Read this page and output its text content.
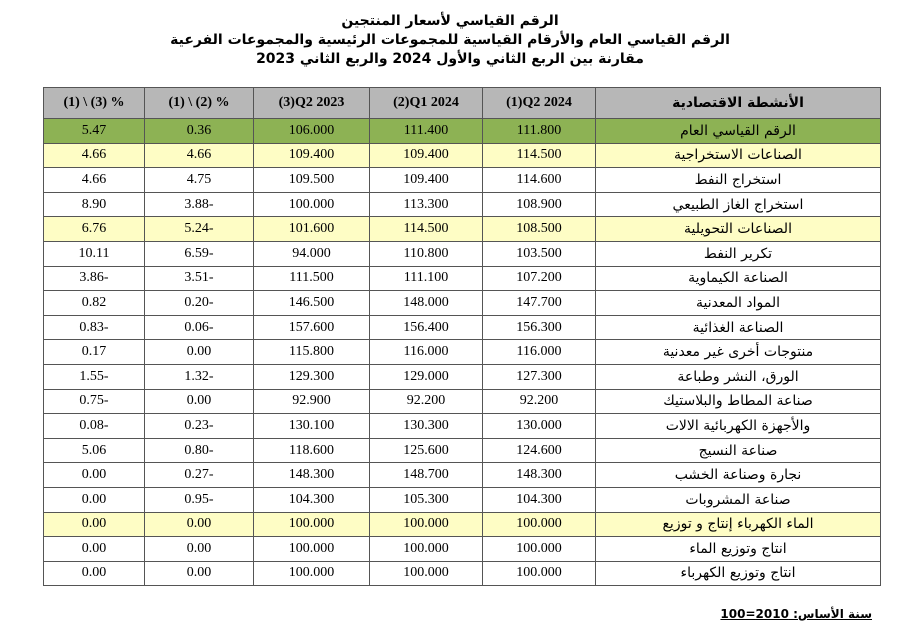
الرقم القياسي لأسعار المنتجين
الرقم القياسي العام والأرقام القياسية للمجموعات الرئيسية والمجموعات الفرعية
مقارنة بين الربع الثاني والأول 2024 والربع الثاني 2023
(1) \ (3) %	(1) \ (2) %	(3)Q2 2023	(2)Q1 2024	(1)Q2 2024	الأنشطة الاقتصادية
5.47	0.36	106.000	111.400	111.800	الرقم القياسي العام
4.66	4.66	109.400	109.400	114.500	الصناعات الاستخراجية
4.66	4.75	109.500	109.400	114.600	استخراج النفط
8.90	3.88-	100.000	113.300	108.900	استخراج الغاز الطبيعي
6.76	5.24-	101.600	114.500	108.500	الصناعات التحويلية
10.11	6.59-	94.000	110.800	103.500	تكرير النفط
3.86-	3.51-	111.500	111.100	107.200	الصناعة الكيماوية
0.82	0.20-	146.500	148.000	147.700	المواد المعدنية
0.83-	0.06-	157.600	156.400	156.300	الصناعة الغذائية
0.17	0.00	115.800	116.000	116.000	منتوجات أخرى غير معدنية
1.55-	1.32-	129.300	129.000	127.300	الورق، النشر وطباعة
0.75-	0.00	92.900	92.200	92.200	صناعة المطاط والبلاستيك
0.08-	0.23-	130.100	130.300	130.000	والأجهزة الكهربائية الالات
5.06	0.80-	118.600	125.600	124.600	صناعة النسيج
0.00	0.27-	148.300	148.700	148.300	نجارة وصناعة الخشب
0.00	0.95-	104.300	105.300	104.300	صناعة المشروبات
0.00	0.00	100.000	100.000	100.000	الماء الكهرباء إنتاج و توزيع
0.00	0.00	100.000	100.000	100.000	انتاج وتوزيع الماء
0.00	0.00	100.000	100.000	100.000	انتاج وتوزيع الكهرباء
سنة الأساس: 2010=100
